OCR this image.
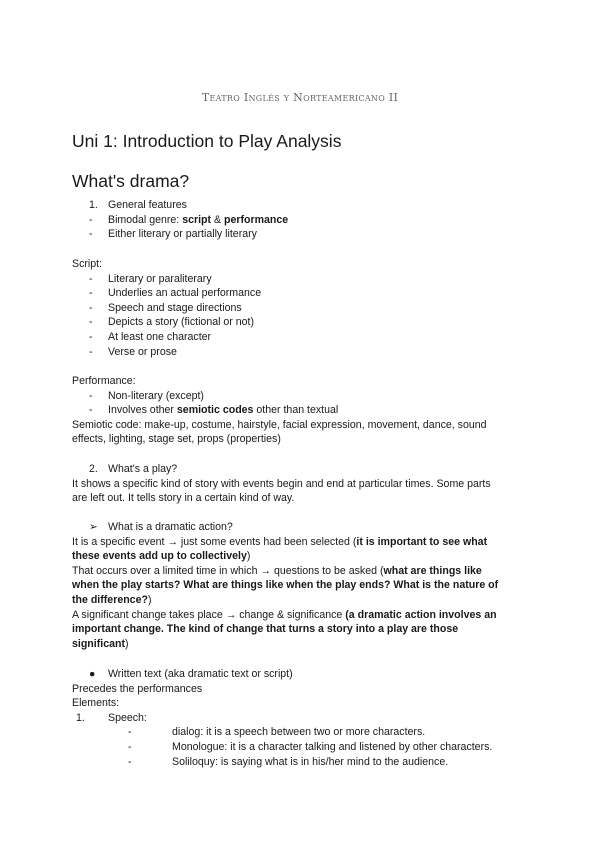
Teatro Inglés y Norteamericano II
Uni 1: Introduction to Play Analysis
What's drama?
1. General features
- Bimodal genre: script & performance
- Either literary or partially literary

Script:

- Literary or paraliterary
- Underlies an actual performance
- Speech and stage directions
- Depicts a story (fictional or not)
- At least one character
- Verse or prose

Performance:

- Non-literary (except)
- Involves other semiotic codes other than textual

Semiotic code: make-up, costume, hairstyle, facial expression, movement, dance, sound

effects, lighting, stage set, props (properties)

2. What's a play?

It shows a specific kind of story with events begin and end at particular times. Some parts

are left out. It tells story in a certain kind of way.

➢ What is a dramatic action?

It is a specific event → just some events had been selected (it is important to see what

these events add up to collectively)

That occurs over a limited time in which → questions to be asked (what are things like

when the play starts? What are things like when the play ends? What is the nature of

the difference?)

A significant change takes place → change & significance (a dramatic action involves an

important change. The kind of change that turns a story into a play are those

significant)

● Written text (aka dramatic text or script)

Precedes the performances

Elements:

1. Speech:
-	dialog: it is a speech between two or more characters.
-	Monologue: it is a character talking and listened by other characters.
-	Soliloquy: is saying what is in his/her mind to the audience.
